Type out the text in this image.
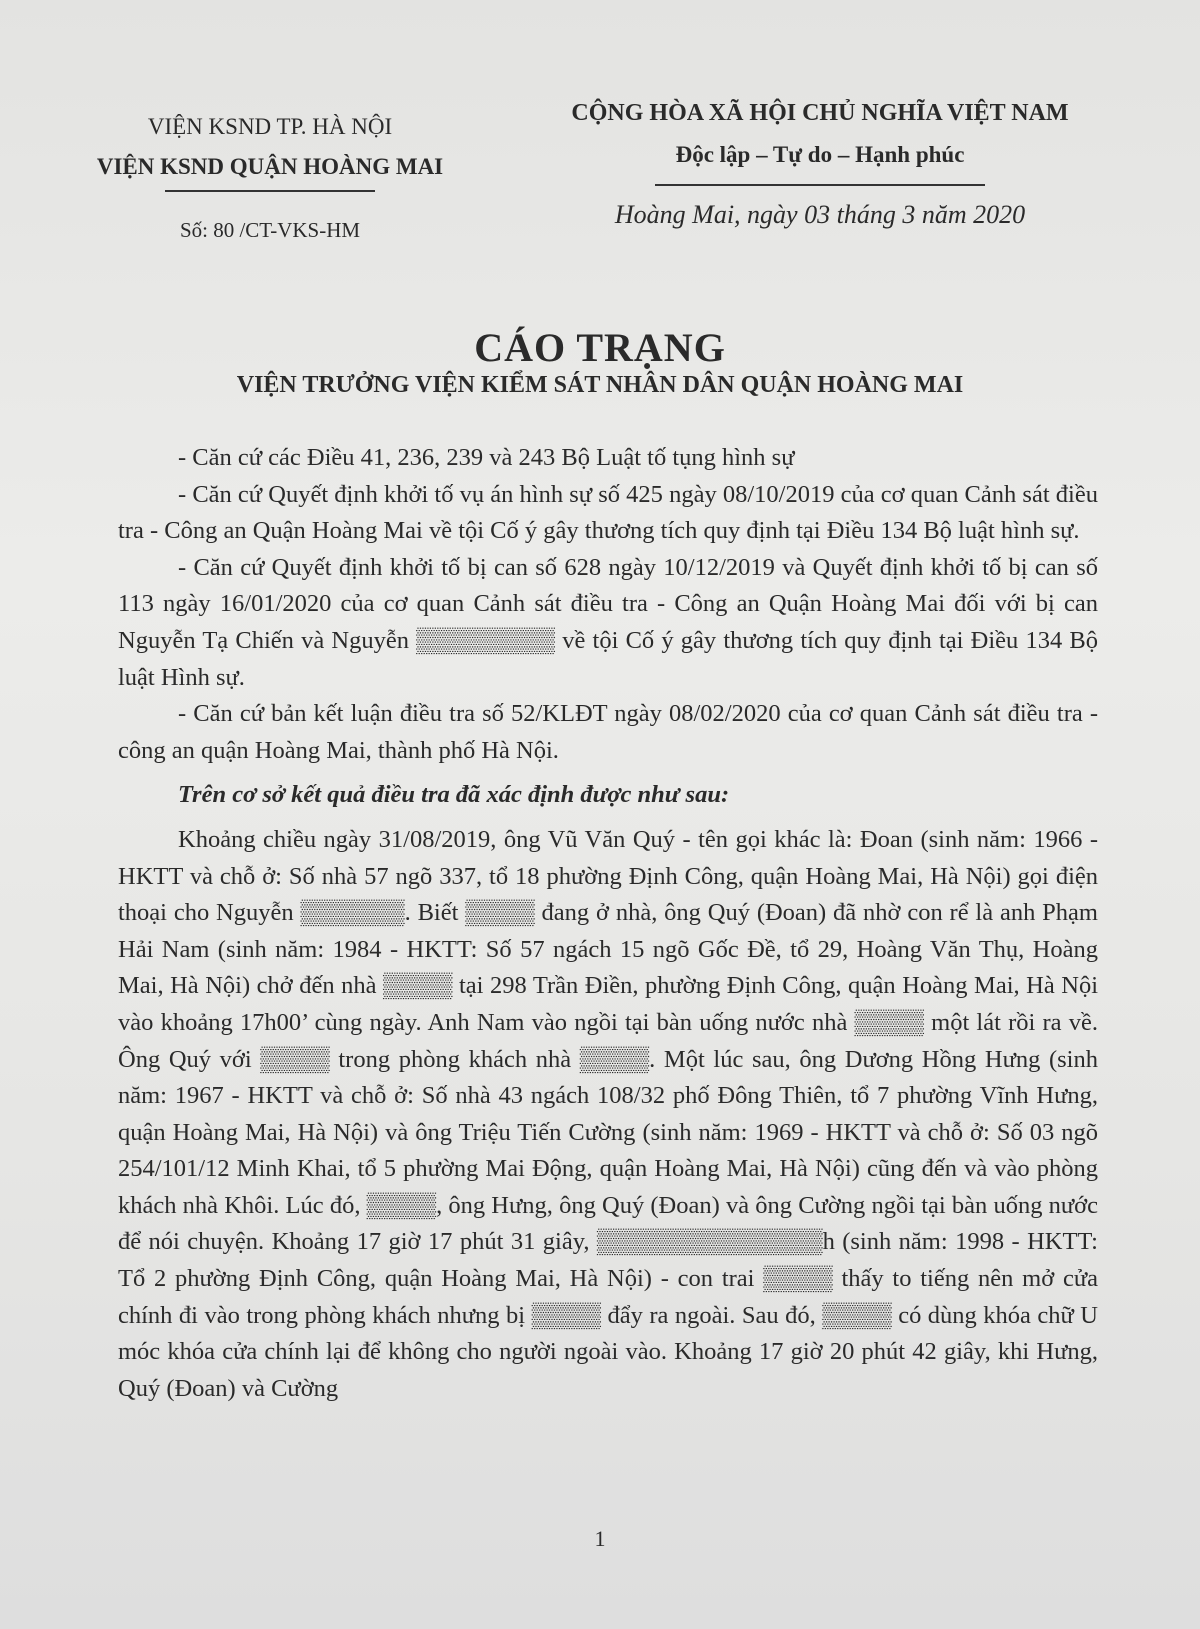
VIỆN KSND TP. HÀ NỘI
VIỆN KSND QUẬN HOÀNG MAI
Số: 80 /CT-VKS-HM
CỘNG HÒA XÃ HỘI CHỦ NGHĨA VIỆT NAM
Độc lập – Tự do – Hạnh phúc
Hoàng Mai, ngày 03 tháng 3 năm 2020
CÁO TRẠNG
VIỆN TRƯỞNG VIỆN KIỂM SÁT NHÂN DÂN QUẬN HOÀNG MAI

- Căn cứ các Điều 41, 236, 239 và 243 Bộ Luật tố tụng hình sự

- Căn cứ Quyết định khởi tố vụ án hình sự số 425 ngày 08/10/2019 của cơ quan Cảnh sát điều tra - Công an Quận Hoàng Mai về tội Cố ý gây thương tích quy định tại Điều 134 Bộ luật hình sự.

- Căn cứ Quyết định khởi tố bị can số 628 ngày 10/12/2019 và Quyết định khởi tố bị can số 113 ngày 16/01/2020 của cơ quan Cảnh sát điều tra - Công an Quận Hoàng Mai đối với bị can Nguyễn Tạ Chiến và Nguyễn ▒▒▒▒▒▒▒▒ về tội Cố ý gây thương tích quy định tại Điều 134 Bộ luật Hình sự.

- Căn cứ bản kết luận điều tra số 52/KLĐT ngày 08/02/2020 của cơ quan Cảnh sát điều tra - công an quận Hoàng Mai, thành phố Hà Nội.

Trên cơ sở kết quả điều tra đã xác định được như sau:

Khoảng chiều ngày 31/08/2019, ông Vũ Văn Quý - tên gọi khác là: Đoan (sinh năm: 1966 - HKTT và chỗ ở: Số nhà 57 ngõ 337, tổ 18 phường Định Công, quận Hoàng Mai, Hà Nội) gọi điện thoại cho Nguyễn ▒▒▒▒▒▒. Biết ▒▒▒▒ đang ở nhà, ông Quý (Đoan) đã nhờ con rể là anh Phạm Hải Nam (sinh năm: 1984 - HKTT: Số 57 ngách 15 ngõ Gốc Đề, tổ 29, Hoàng Văn Thụ, Hoàng Mai, Hà Nội) chở đến nhà ▒▒▒▒ tại 298 Trần Điền, phường Định Công, quận Hoàng Mai, Hà Nội vào khoảng 17h00’ cùng ngày. Anh Nam vào ngồi tại bàn uống nước nhà ▒▒▒▒ một lát rồi ra về. Ông Quý với ▒▒▒▒ trong phòng khách nhà ▒▒▒▒. Một lúc sau, ông Dương Hồng Hưng (sinh năm: 1967 - HKTT và chỗ ở: Số nhà 43 ngách 108/32 phố Đông Thiên, tổ 7 phường Vĩnh Hưng, quận Hoàng Mai, Hà Nội) và ông Triệu Tiến Cường (sinh năm: 1969 - HKTT và chỗ ở: Số 03 ngõ 254/101/12 Minh Khai, tổ 5 phường Mai Động, quận Hoàng Mai, Hà Nội) cũng đến và vào phòng khách nhà Khôi. Lúc đó, ▒▒▒▒, ông Hưng, ông Quý (Đoan) và ông Cường ngồi tại bàn uống nước để nói chuyện. Khoảng 17 giờ 17 phút 31 giây, ▒▒▒▒▒▒▒▒▒▒▒▒▒h (sinh năm: 1998 - HKTT: Tổ 2 phường Định Công, quận Hoàng Mai, Hà Nội) - con trai ▒▒▒▒ thấy to tiếng nên mở cửa chính đi vào trong phòng khách nhưng bị ▒▒▒▒ đẩy ra ngoài. Sau đó, ▒▒▒▒ có dùng khóa chữ U móc khóa cửa chính lại để không cho người ngoài vào. Khoảng 17 giờ 20 phút 42 giây, khi Hưng, Quý (Đoan) và Cường

1
